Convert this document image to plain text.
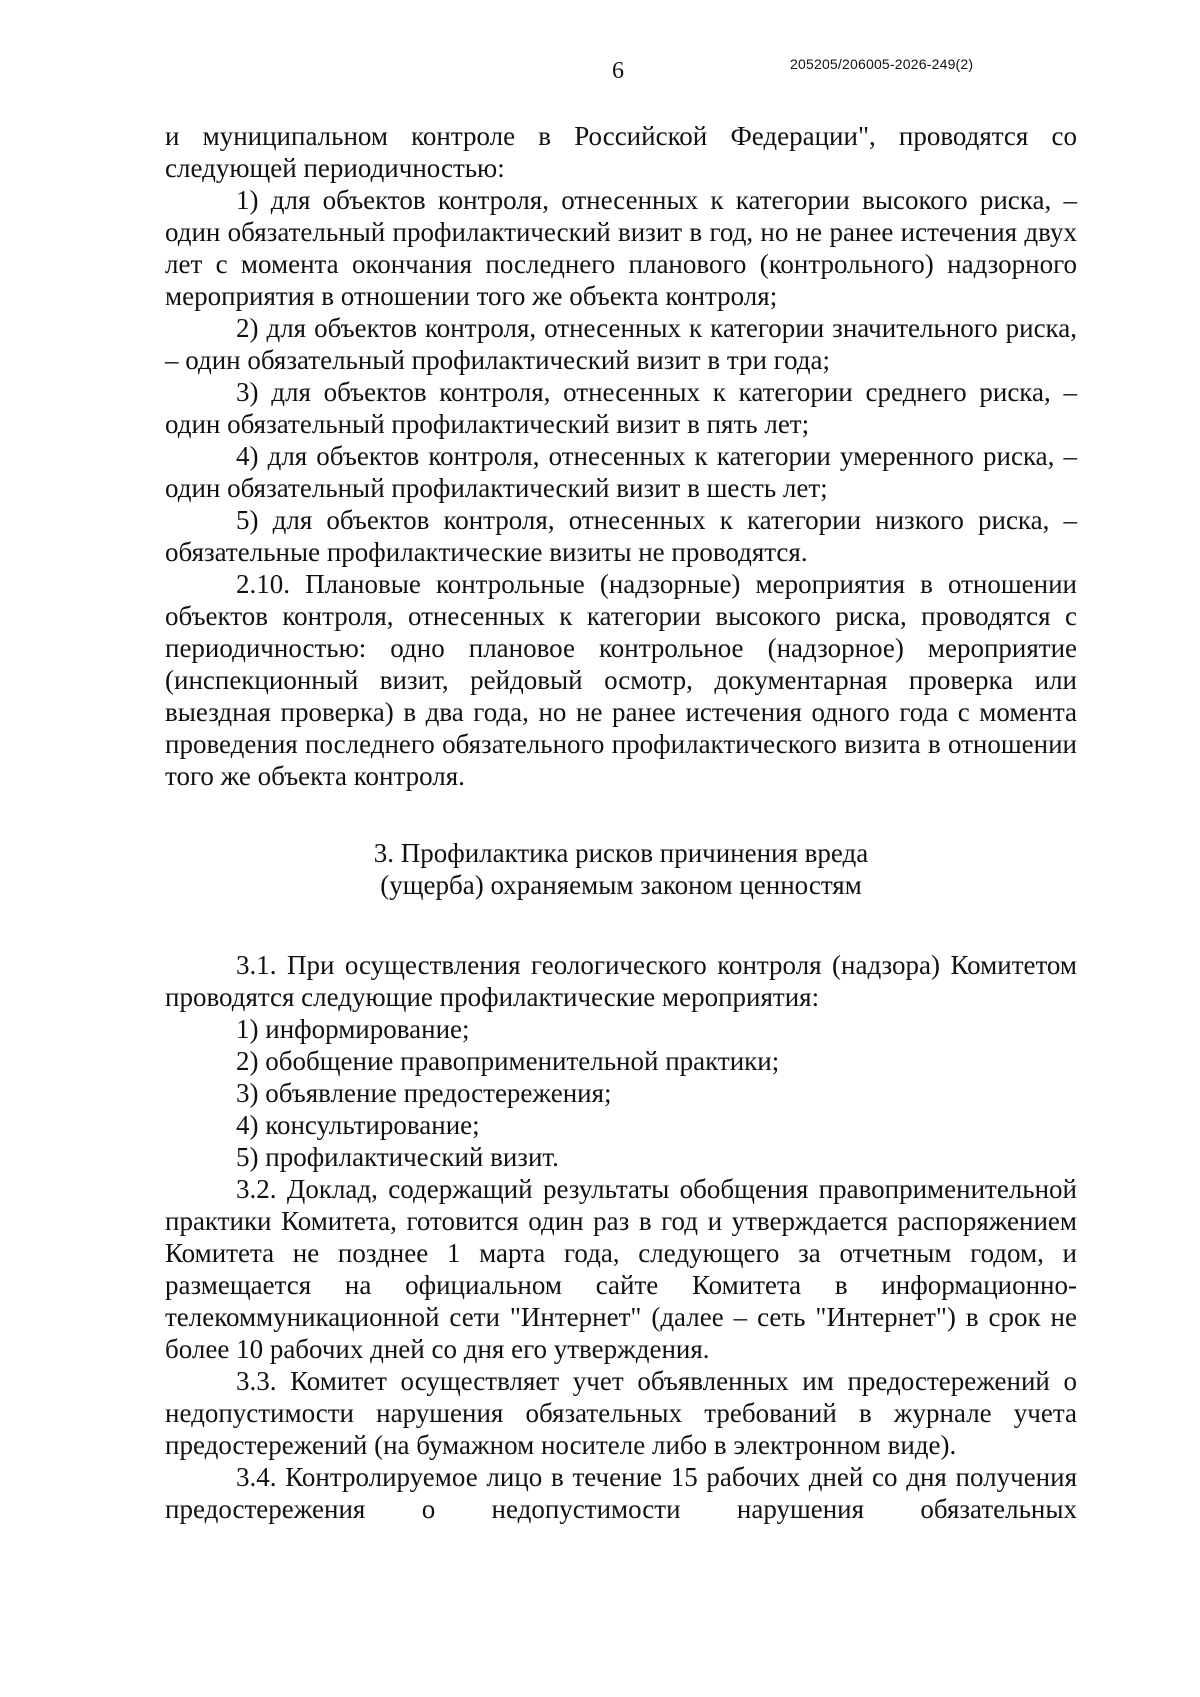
6	205205/206005-2026-249(2)

и муниципальном контроле в Российской Федерации", проводятся со следующей периодичностью:

1) для объектов контроля, отнесенных к категории высокого риска, – один обязательный профилактический визит в год, но не ранее истечения двух лет с момента окончания последнего планового (контрольного) надзорного мероприятия в отношении того же объекта контроля;

2) для объектов контроля, отнесенных к категории значительного риска, – один обязательный профилактический визит в три года;

3) для объектов контроля, отнесенных к категории среднего риска, – один обязательный профилактический визит в пять лет;

4) для объектов контроля, отнесенных к категории умеренного риска, – один обязательный профилактический визит в шесть лет;

5) для объектов контроля, отнесенных к категории низкого риска, – обязательные профилактические визиты не проводятся.

2.10. Плановые контрольные (надзорные) мероприятия в отношении объектов контроля, отнесенных к категории высокого риска, проводятся с периодичностью: одно плановое контрольное (надзорное) мероприятие (инспекционный визит, рейдовый осмотр, документарная проверка или выездная проверка) в два года, но не ранее истечения одного года с момента проведения последнего обязательного профилактического визита в отношении того же объекта контроля.

3. Профилактика рисков причинения вреда
(ущерба) охраняемым законом ценностям

3.1. При осуществления геологического контроля (надзора) Комитетом проводятся следующие профилактические мероприятия:

1) информирование;

2) обобщение правоприменительной практики;

3) объявление предостережения;

4) консультирование;

5) профилактический визит.

3.2. Доклад, содержащий результаты обобщения правоприменительной практики Комитета, готовится один раз в год и утверждается распоряжением Комитета не позднее 1 марта года, следующего за отчетным годом, и размещается на официальном сайте Комитета в информационно-телекоммуникационной сети "Интернет" (далее – сеть "Интернет") в срок не более 10 рабочих дней со дня его утверждения.

3.3. Комитет осуществляет учет объявленных им предостережений о недопустимости нарушения обязательных требований в журнале учета предостережений (на бумажном носителе либо в электронном виде).

3.4. Контролируемое лицо в течение 15 рабочих дней со дня получения предостережения о недопустимости нарушения обязательных
